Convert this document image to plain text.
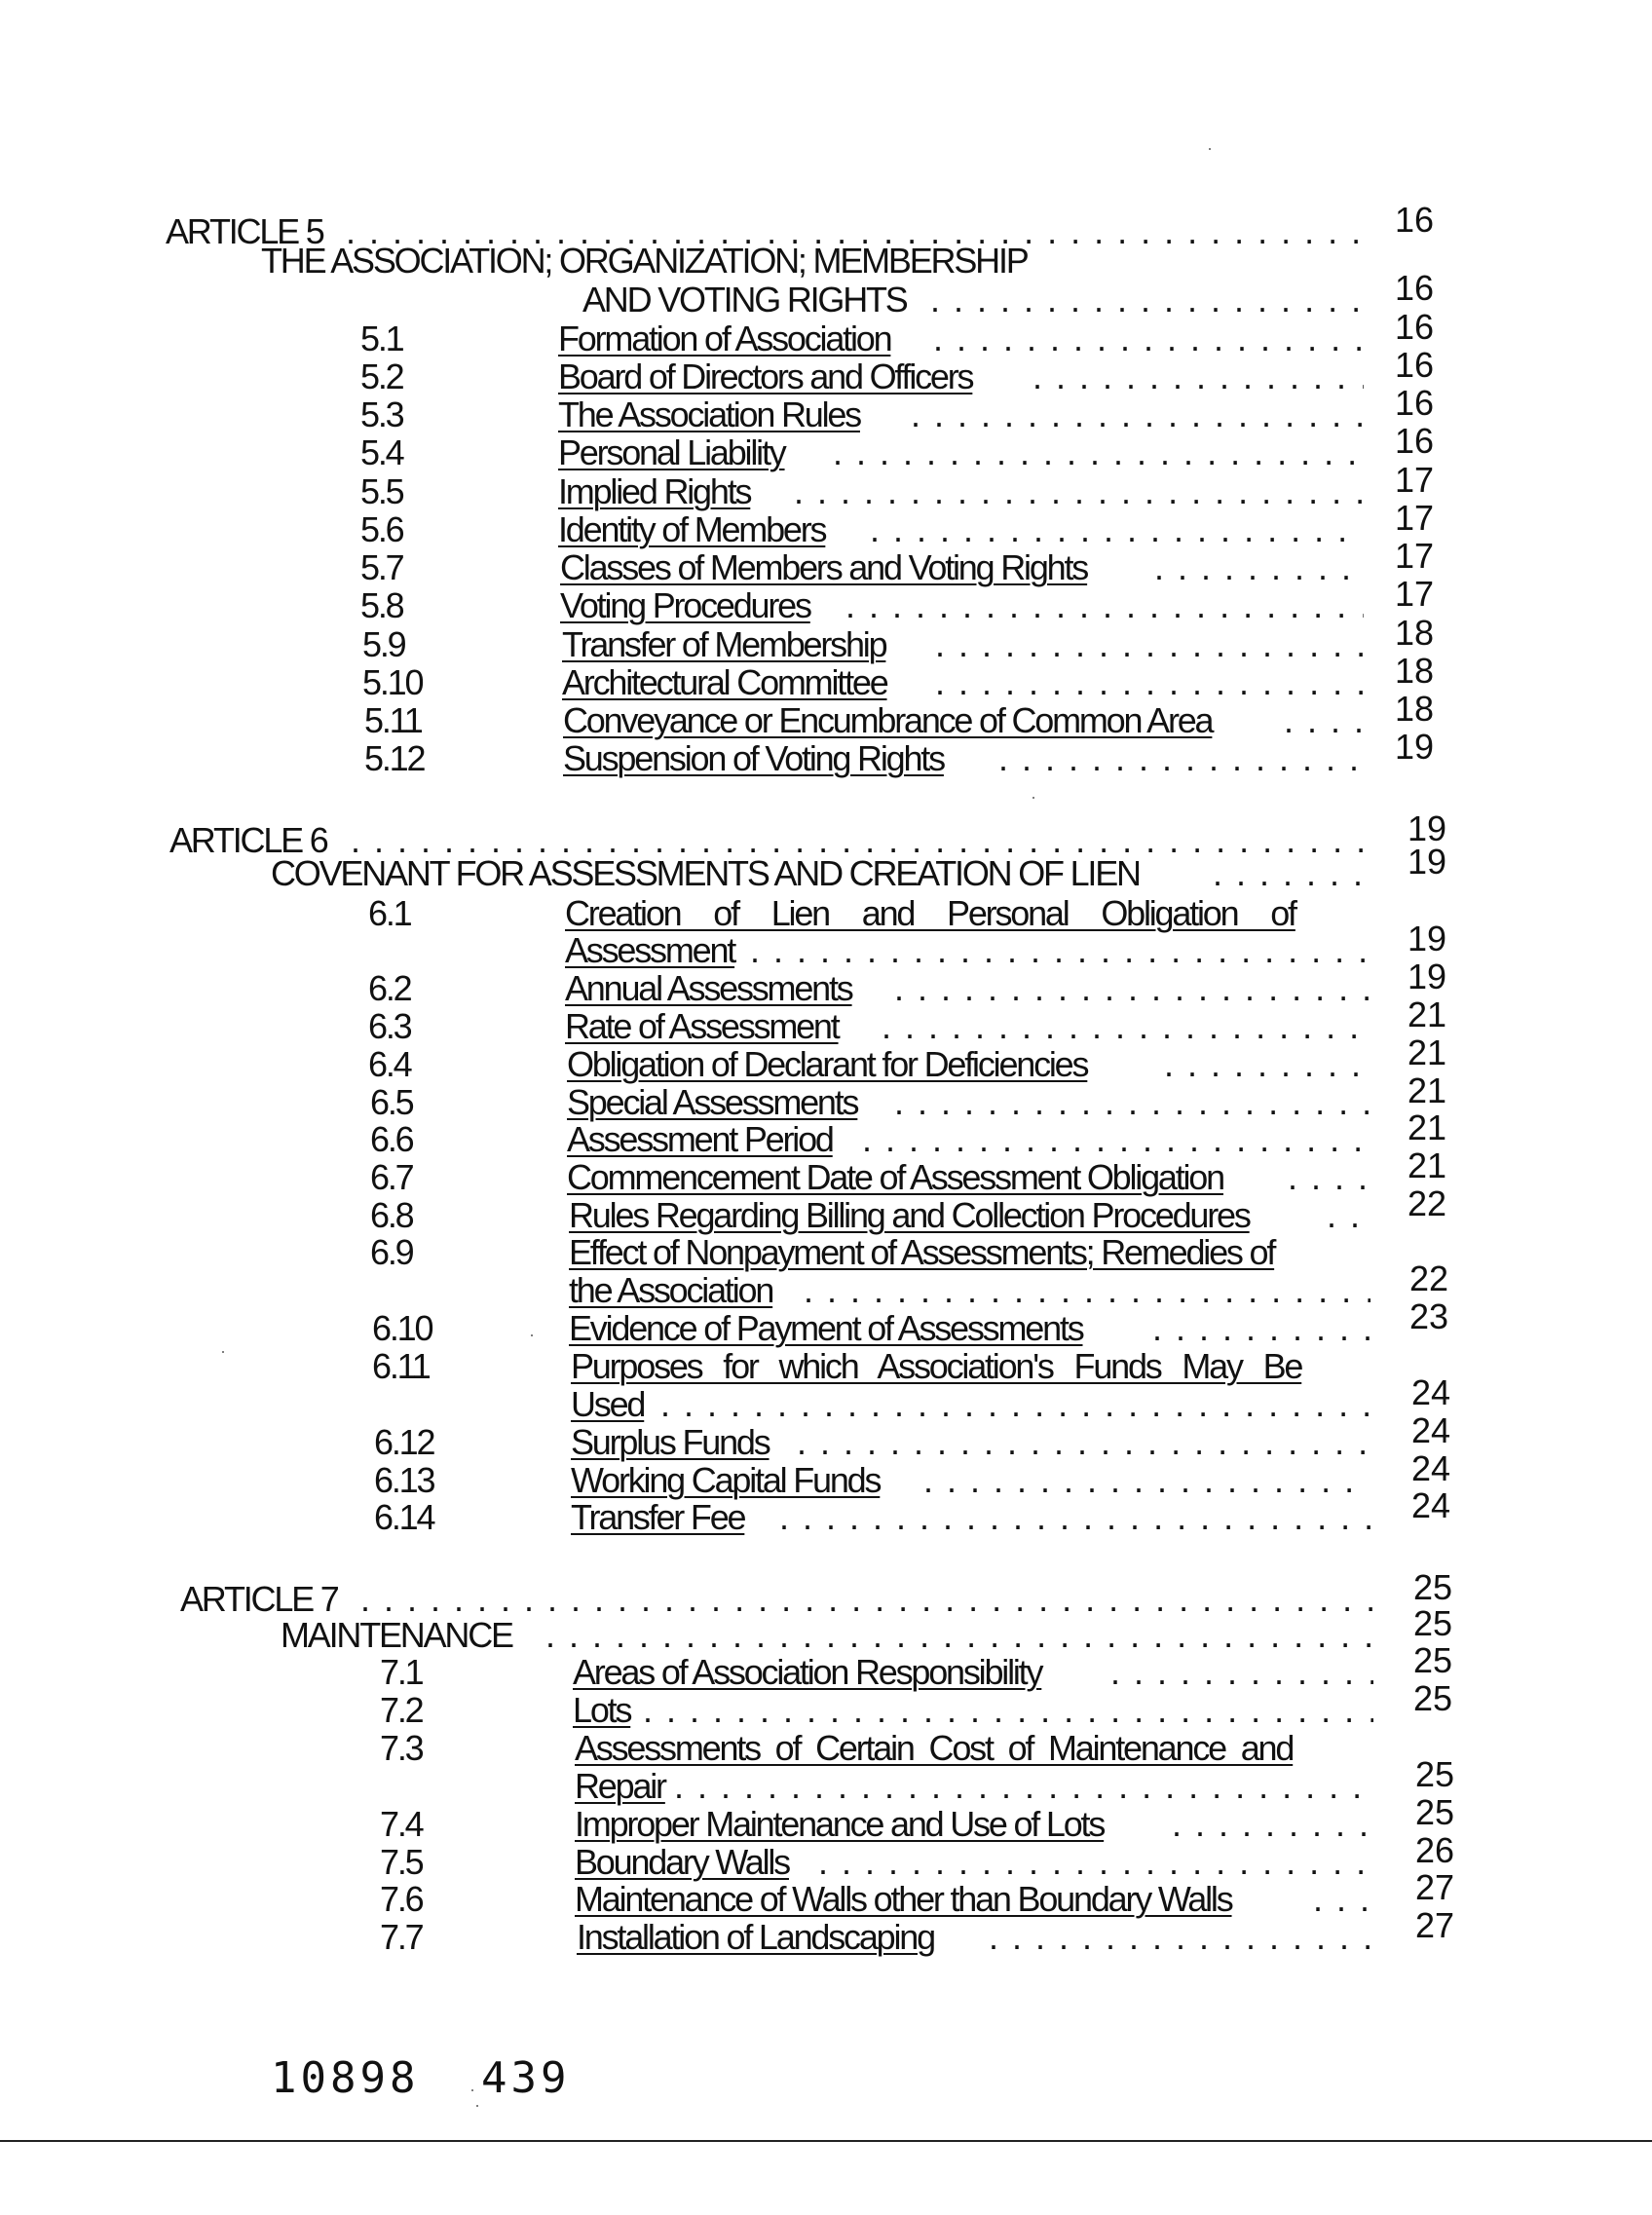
ARTICLE 5 . . .	16
THE ASSOCIATION; ORGANIZATION; MEMBERSHIP
AND VOTING RIGHTS . . .	16
5.1	Formation of Association . . .	16
5.2	Board of Directors and Officers . . .	16
5.3	The Association Rules . . .	16
5.4	Personal Liability . . .	16
5.5	Implied Rights . . .	17
5.6	Identity of Members . . .	17
5.7	Classes of Members and Voting Rights . . .	17
5.8	Voting Procedures . . .	17
5.9	Transfer of Membership . . .	18
5.10	Architectural Committee . . .	18
5.11	Conveyance or Encumbrance of Common Area . . .	18
5.12	Suspension of Voting Rights . . .	19
ARTICLE 6 . . .	19
COVENANT FOR ASSESSMENTS AND CREATION OF LIEN . . .	19
6.1	Creation of Lien and Personal Obligation of
Assessment . . .	19
6.2	Annual Assessments . . .	19
6.3	Rate of Assessment . . .	21
6.4	Obligation of Declarant for Deficiencies . . .	21
6.5	Special Assessments . . .	21
6.6	Assessment Period . . .	21
6.7	Commencement Date of Assessment Obligation . . .	21
6.8	Rules Regarding Billing and Collection Procedures . . .	22
6.9	Effect of Nonpayment of Assessments; Remedies of
the Association . . .	22
6.10	Evidence of Payment of Assessments . . .	23
6.11	Purposes for which Association's Funds May Be
Used . . .	24
6.12	Surplus Funds . . .	24
6.13	Working Capital Funds . . .	24
6.14	Transfer Fee . . .	24
ARTICLE 7 . . .	25
MAINTENANCE . . .	25
7.1	Areas of Association Responsibility . . .	25
7.2	Lots . . .	25
7.3	Assessments of Certain Cost of Maintenance and
Repair . . .	25
7.4	Improper Maintenance and Use of Lots . . .	25
7.5	Boundary Walls . . .	26
7.6	Maintenance of Walls other than Boundary Walls . . .	27
7.7	Installation of Landscaping . . .	27
10898 439
